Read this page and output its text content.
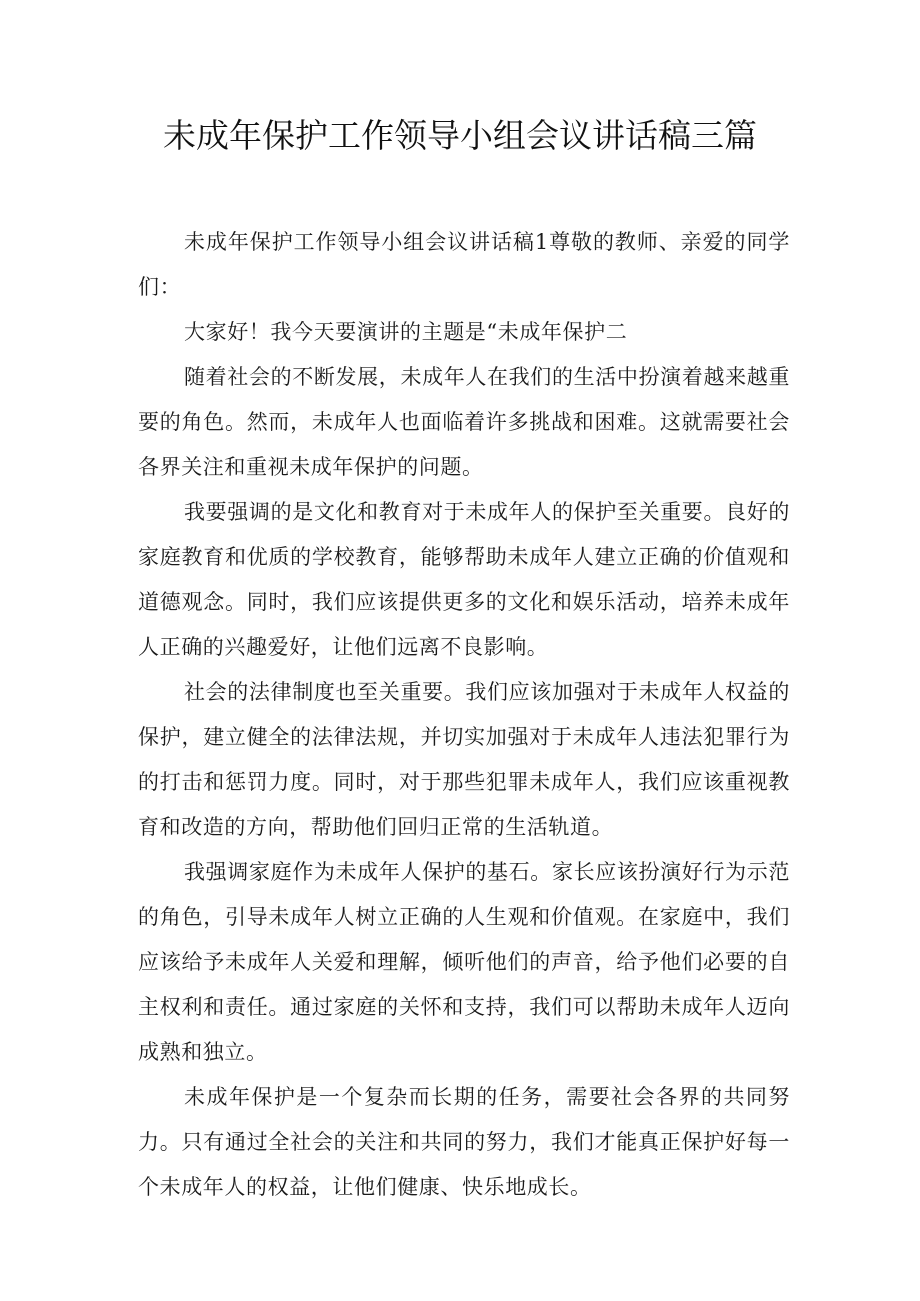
未成年保护工作领导小组会议讲话稿三篇

未成年保护工作领导小组会议讲话稿1尊敬的教师、亲爱的同学们：

大家好！我今天要演讲的主题是“未成年保护二

随着社会的不断发展，未成年人在我们的生活中扮演着越来越重要的角色。然而，未成年人也面临着许多挑战和困难。这就需要社会各界关注和重视未成年保护的问题。

我要强调的是文化和教育对于未成年人的保护至关重要。良好的家庭教育和优质的学校教育，能够帮助未成年人建立正确的价值观和道德观念。同时，我们应该提供更多的文化和娱乐活动，培养未成年人正确的兴趣爱好，让他们远离不良影响。

社会的法律制度也至关重要。我们应该加强对于未成年人权益的保护，建立健全的法律法规，并切实加强对于未成年人违法犯罪行为的打击和惩罚力度。同时，对于那些犯罪未成年人，我们应该重视教育和改造的方向，帮助他们回归正常的生活轨道。

我强调家庭作为未成年人保护的基石。家长应该扮演好行为示范的角色，引导未成年人树立正确的人生观和价值观。在家庭中，我们应该给予未成年人关爱和理解，倾听他们的声音，给予他们必要的自主权利和责任。通过家庭的关怀和支持，我们可以帮助未成年人迈向成熟和独立。

未成年保护是一个复杂而长期的任务，需要社会各界的共同努力。只有通过全社会的关注和共同的努力，我们才能真正保护好每一个未成年人的权益，让他们健康、快乐地成长。
